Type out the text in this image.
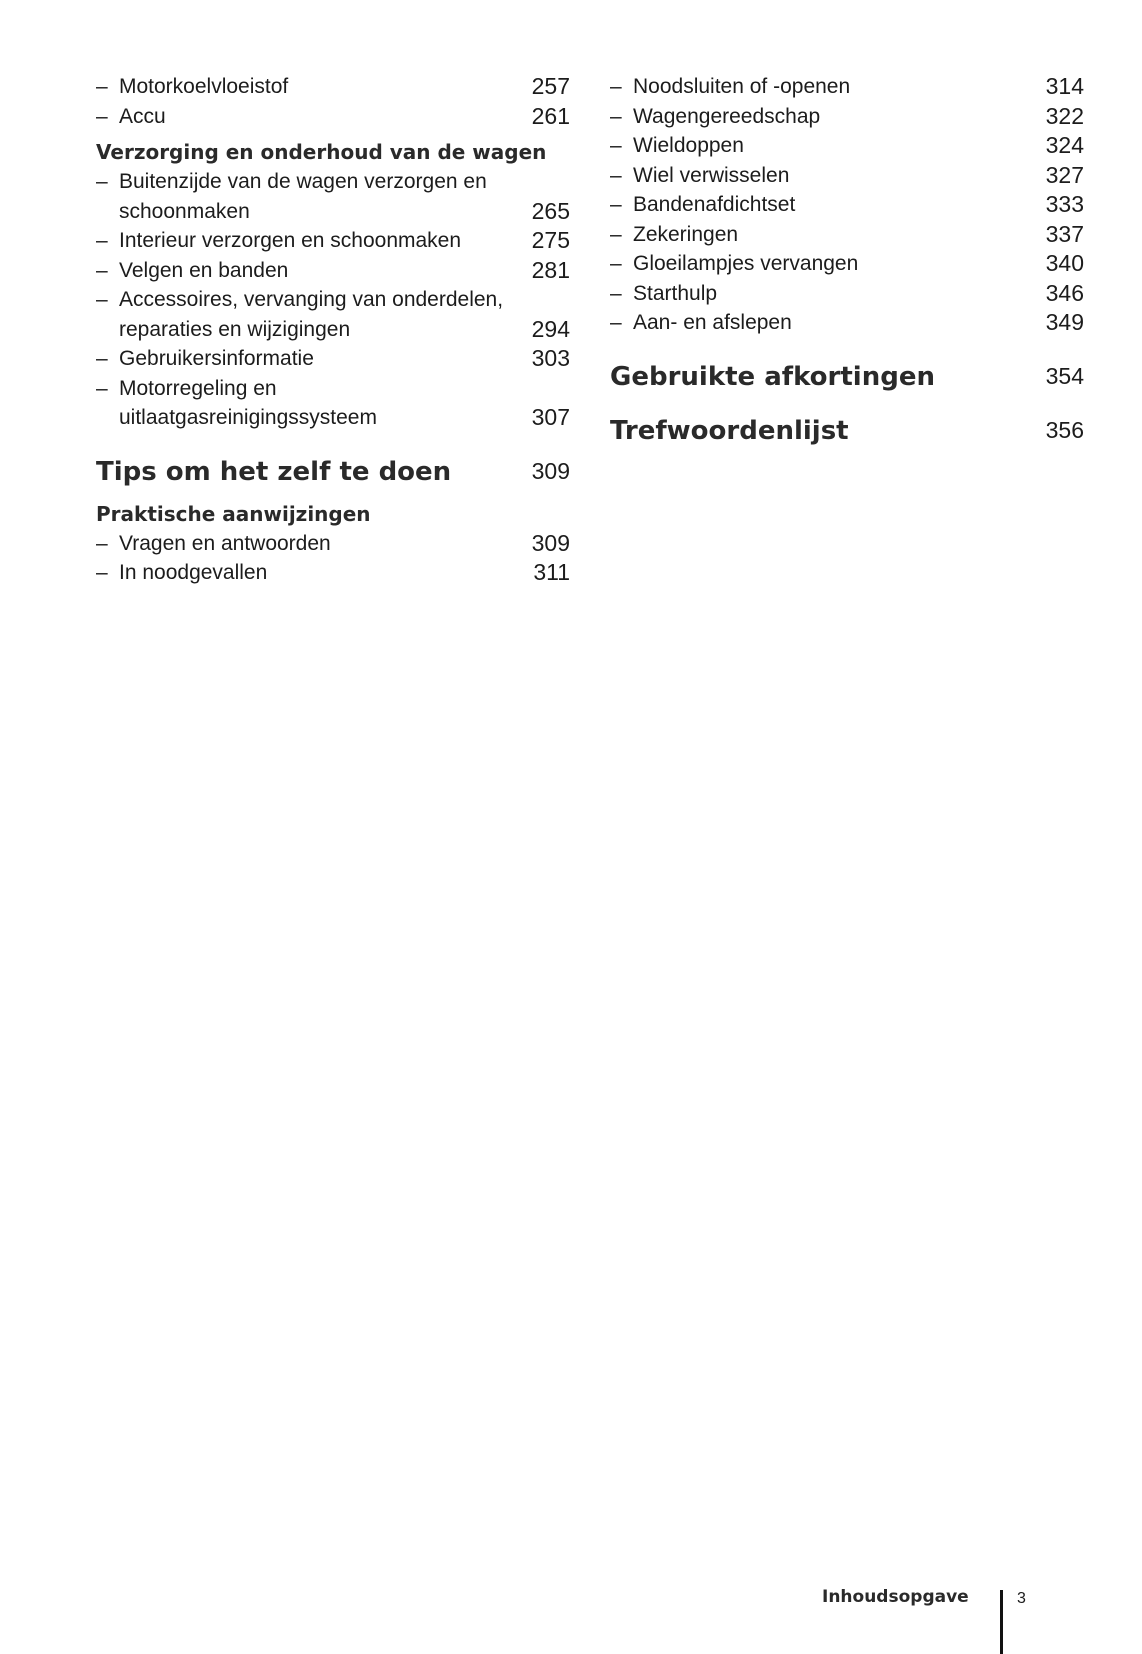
– Motorkoelvloeistof	257
– Accu	261
Verzorging en onderhoud van de wagen
– Buitenzijde van de wagen verzorgen en schoonmaken	265
– Interieur verzorgen en schoonmaken	275
– Velgen en banden	281
– Accessoires, vervanging van onderdelen, reparaties en wijzigingen	294
– Gebruikersinformatie	303
– Motorregeling en uitlaatgasreinigingssysteem	307
Tips om het zelf te doen	309
Praktische aanwijzingen
– Vragen en antwoorden	309
– In noodgevallen	311
– Noodsluiten of -openen	314
– Wagengereedschap	322
– Wieldoppen	324
– Wiel verwisselen	327
– Bandenafdichtset	333
– Zekeringen	337
– Gloeilampjes vervangen	340
– Starthulp	346
– Aan- en afslepen	349
Gebruikte afkortingen	354
Trefwoordenlijst	356
Inhoudsopgave	3
